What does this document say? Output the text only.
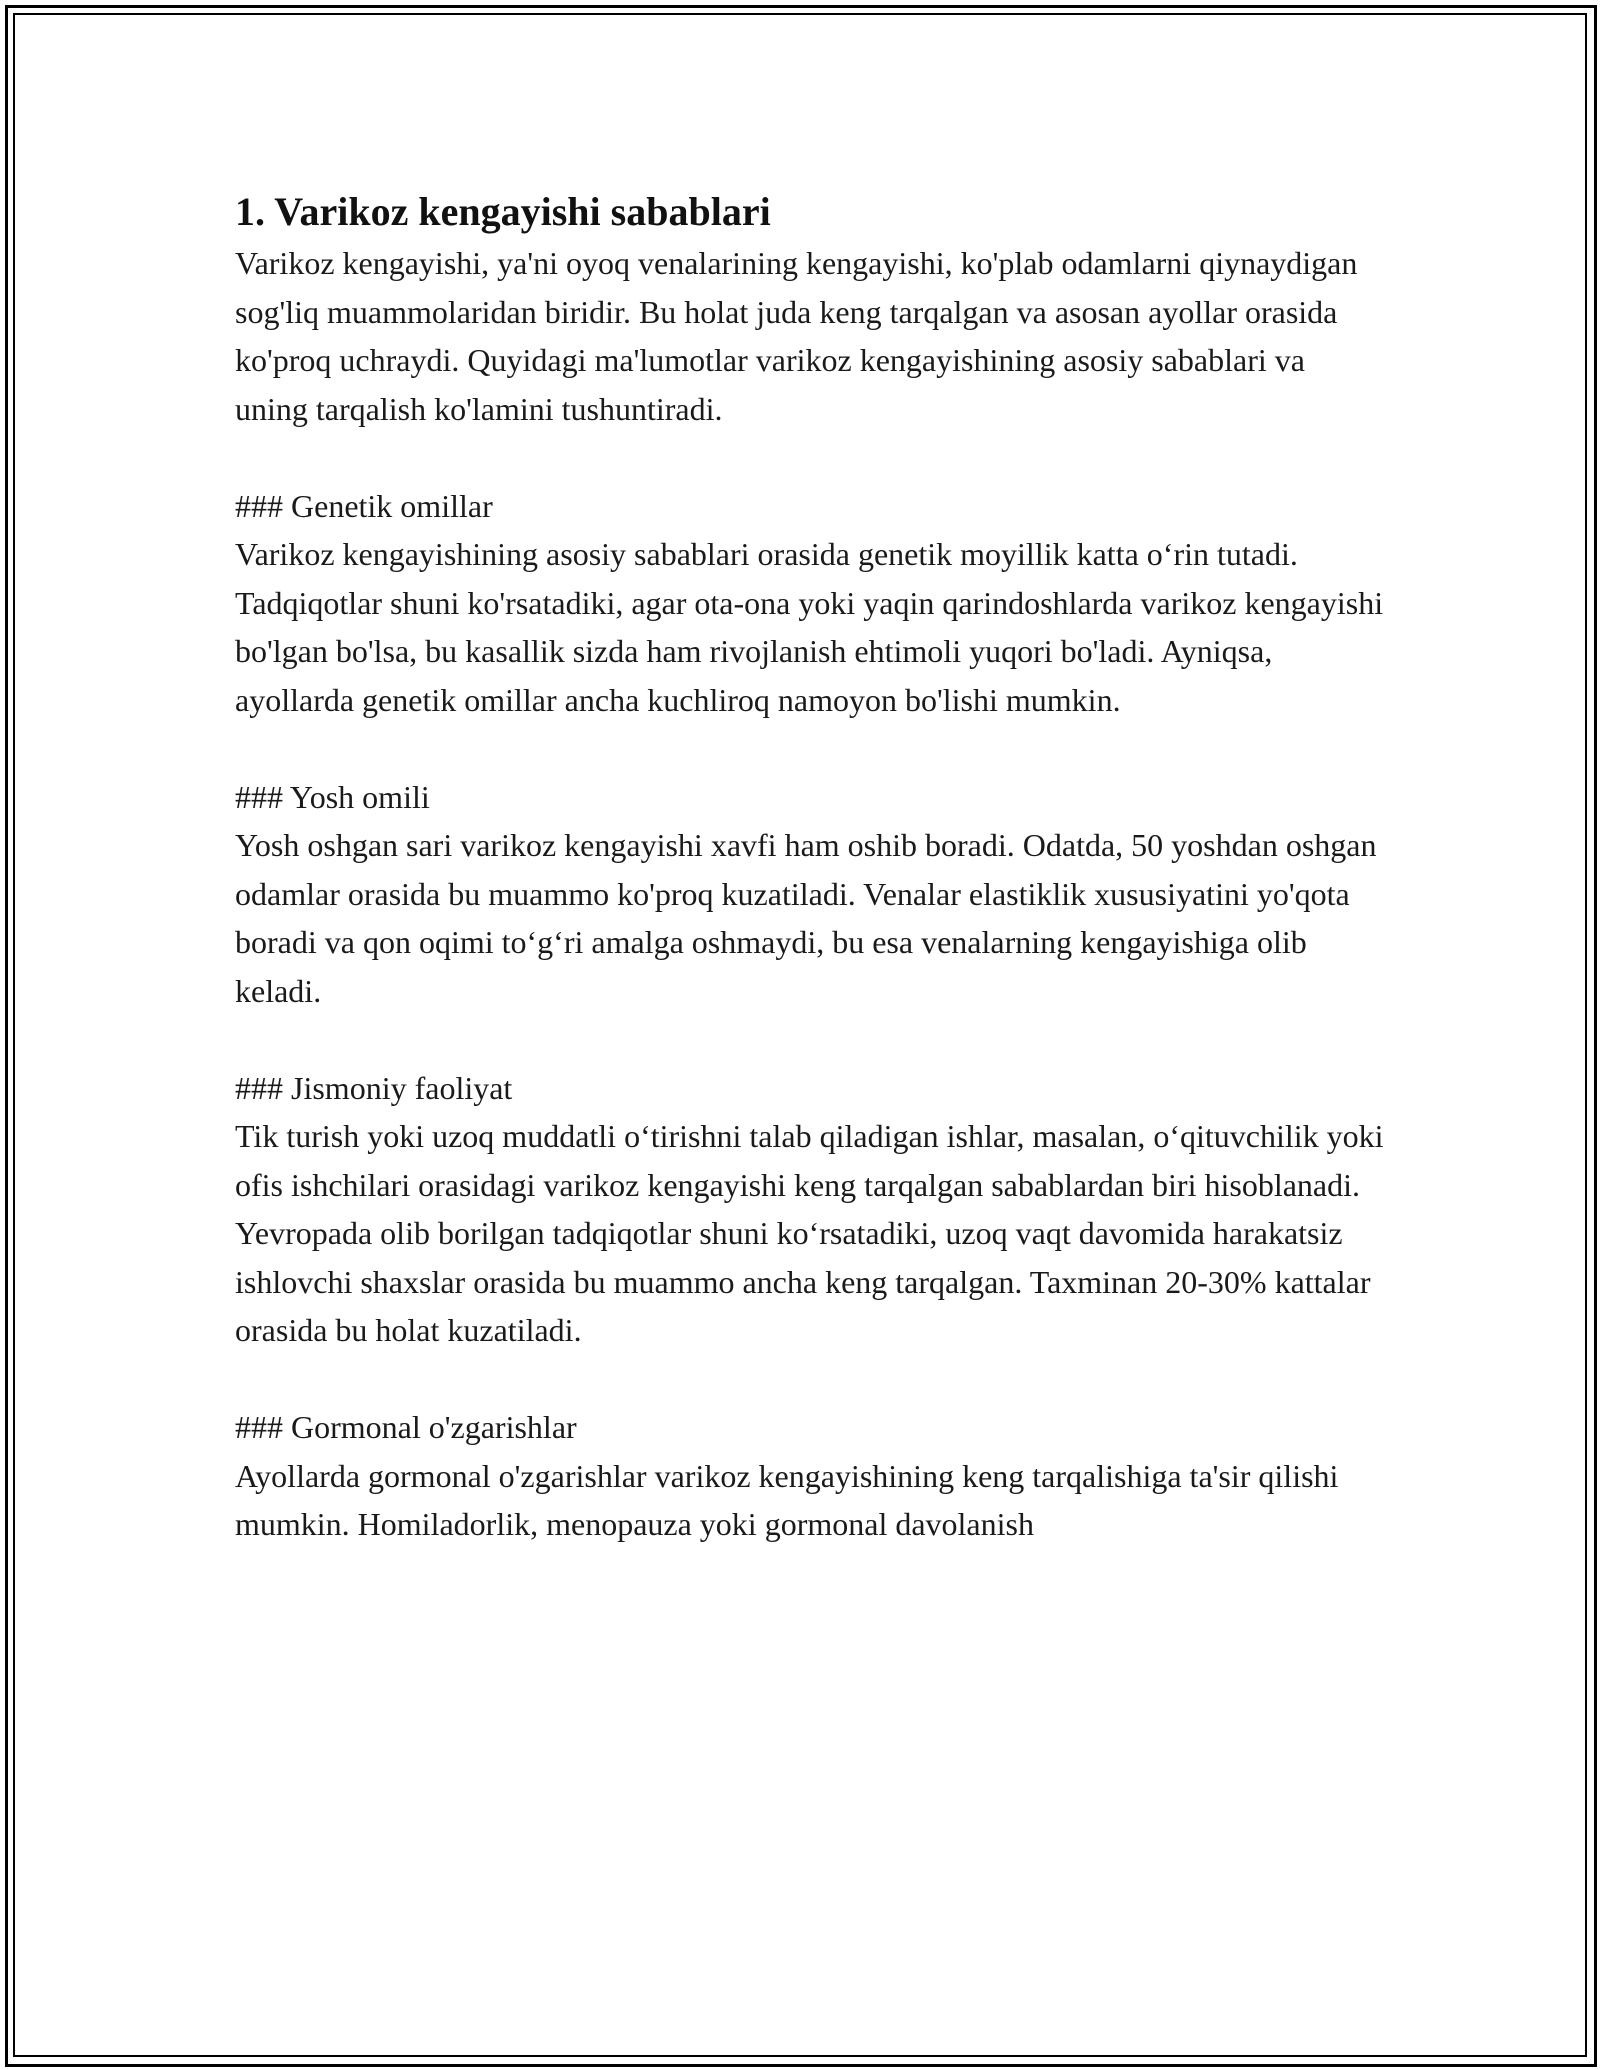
1. Varikoz kengayishi sabablari

Varikoz kengayishi, ya'ni oyoq venalarining kengayishi, ko'plab odamlarni qiynaydigan sog'liq muammolaridan biridir. Bu holat juda keng tarqalgan va asosan ayollar orasida ko'proq uchraydi. Quyidagi ma'lumotlar varikoz kengayishining asosiy sabablari va uning tarqalish ko'lamini tushuntiradi.

### Genetik omillar

Varikoz kengayishining asosiy sabablari orasida genetik moyillik katta o‘rin tutadi. Tadqiqotlar shuni ko'rsatadiki, agar ota-ona yoki yaqin qarindoshlarda varikoz kengayishi bo'lgan bo'lsa, bu kasallik sizda ham rivojlanish ehtimoli yuqori bo'ladi. Ayniqsa, ayollarda genetik omillar ancha kuchliroq namoyon bo'lishi mumkin.

### Yosh omili

Yosh oshgan sari varikoz kengayishi xavfi ham oshib boradi. Odatda, 50 yoshdan oshgan odamlar orasida bu muammo ko'proq kuzatiladi. Venalar elastiklik xususiyatini yo'qota boradi va qon oqimi to‘g‘ri amalga oshmaydi, bu esa venalarning kengayishiga olib keladi.

### Jismoniy faoliyat

Tik turish yoki uzoq muddatli o‘tirishni talab qiladigan ishlar, masalan, o‘qituvchilik yoki ofis ishchilari orasidagi varikoz kengayishi keng tarqalgan sabablardan biri hisoblanadi. Yevropada olib borilgan tadqiqotlar shuni ko‘rsatadiki, uzoq vaqt davomida harakatsiz ishlovchi shaxslar orasida bu muammo ancha keng tarqalgan. Taxminan 20-30% kattalar orasida bu holat kuzatiladi.

### Gormonal o'zgarishlar

Ayollarda gormonal o'zgarishlar varikoz kengayishining keng tarqalishiga ta'sir qilishi mumkin. Homiladorlik, menopauza yoki gormonal davolanish
